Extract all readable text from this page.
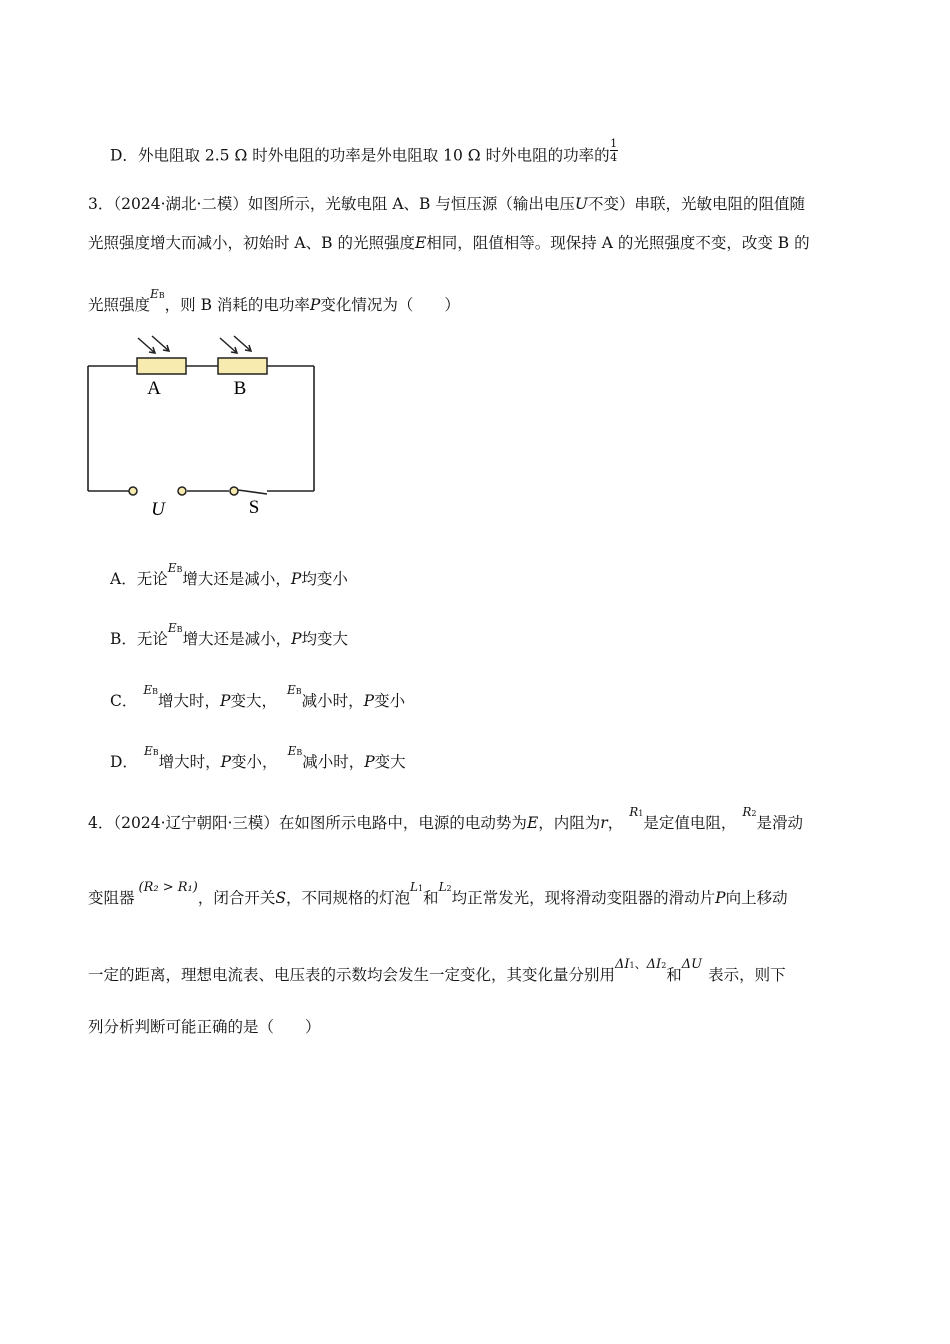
D．外电阻取 2.5 Ω 时外电阻的功率是外电阻取 10 Ω 时外电阻的功率的 $\frac{1}{4}$
3．（2024·湖北·二模）如图所示，光敏电阻 A、B 与恒压源（输出电压U不变）串联，光敏电阻的阻值随
光照强度增大而减小，初始时 A、B 的光照强度E相同，阻值相等。现保持 A 的光照强度不变，改变 B 的
光照强度$^{EB}$，则 B 消耗的电功率P变化情况为（　　）
A	B
U	S
A．无论$^{EB}$增大还是减小，P均变小
B．无论$^{EB}$增大还是减小，P均变大
C．$^{EB}$增大时，P变大，$^{EB}$减小时，P变小
D．$^{EB}$增大时，P变小，$^{EB}$减小时，P变大
4．（2024·辽宁朝阳·三模）在如图所示电路中，电源的电动势为E，内阻为r，$^{R1}$是定值电阻，$^{R2}$是滑动
变阻器$^{(R_2 > R_1)}$，闭合开关S，不同规格的灯泡$^{L1}$和$^{L2}$均正常发光，现将滑动变阻器的滑动片P向上移动
一定的距离，理想电流表、电压表的示数均会发生一定变化，其变化量分别用$^{\Delta I1、\Delta I2}$和$^{\Delta U}$表示，则下
列分析判断可能正确的是（　　）
